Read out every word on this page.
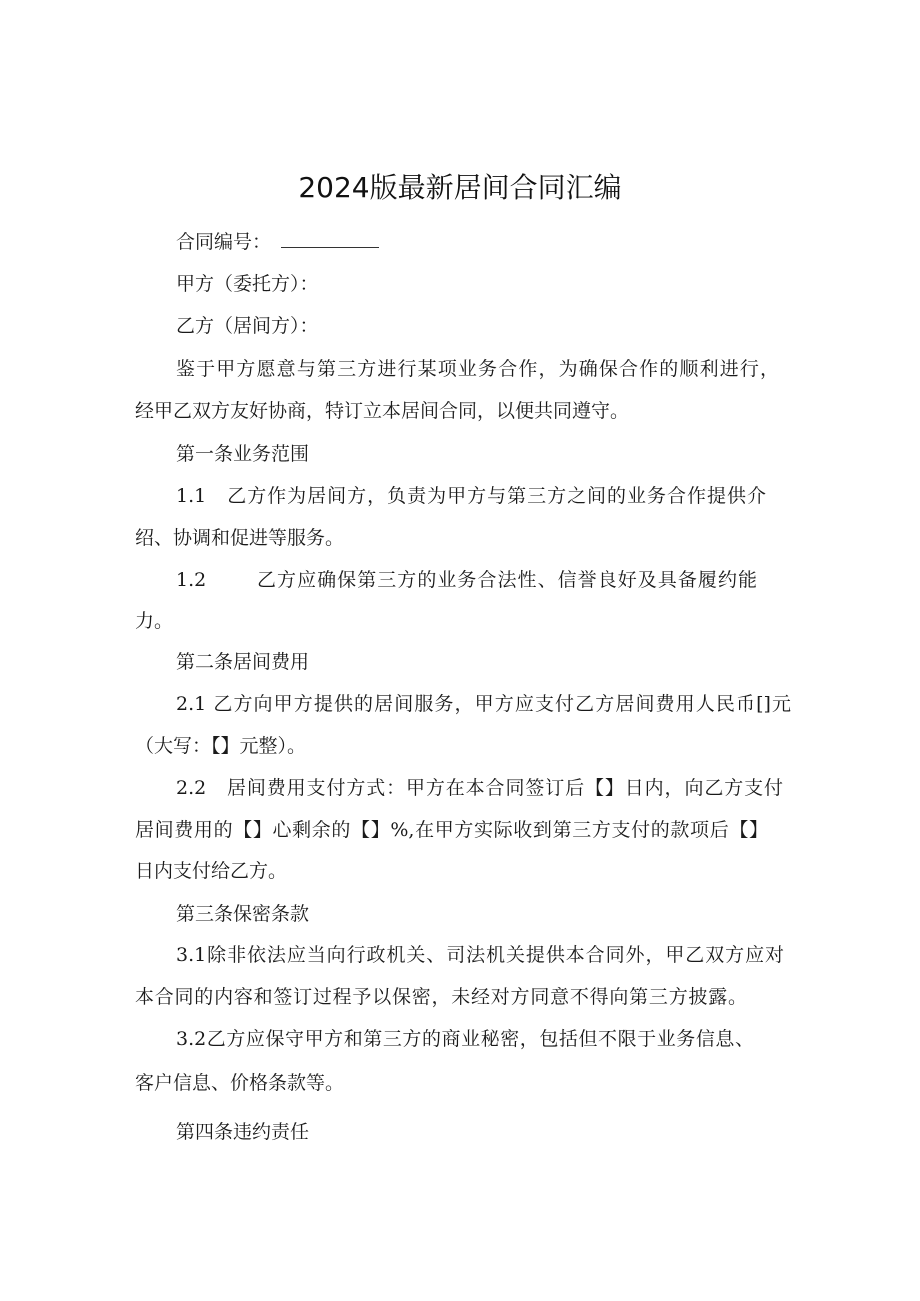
2024版最新居间合同汇编
合同编号：
甲方（委托方）：
乙方（居间方）：
鉴于甲方愿意与第三方进行某项业务合作，为确保合作的顺利进行，
经甲乙双方友好协商，特订立本居间合同，以便共同遵守。
第一条业务范围
1.1　乙方作为居间方，负责为甲方与第三方之间的业务合作提供介
绍、协调和促进等服务。
1.2	乙方应确保第三方的业务合法性、信誉良好及具备履约能
力。
第二条居间费用
2.1 乙方向甲方提供的居间服务，甲方应支付乙方居间费用人民币[]元
（大写：【】元整）。
2.2　居间费用支付方式：甲方在本合同签订后【】日内，向乙方支付
居间费用的【】心剩余的【】%,在甲方实际收到第三方支付的款项后【】
日内支付给乙方。
第三条保密条款
3.1除非依法应当向行政机关、司法机关提供本合同外，甲乙双方应对
本合同的内容和签订过程予以保密，未经对方同意不得向第三方披露。
3.2乙方应保守甲方和第三方的商业秘密，包括但不限于业务信息、
客户信息、价格条款等。
第四条违约责任
